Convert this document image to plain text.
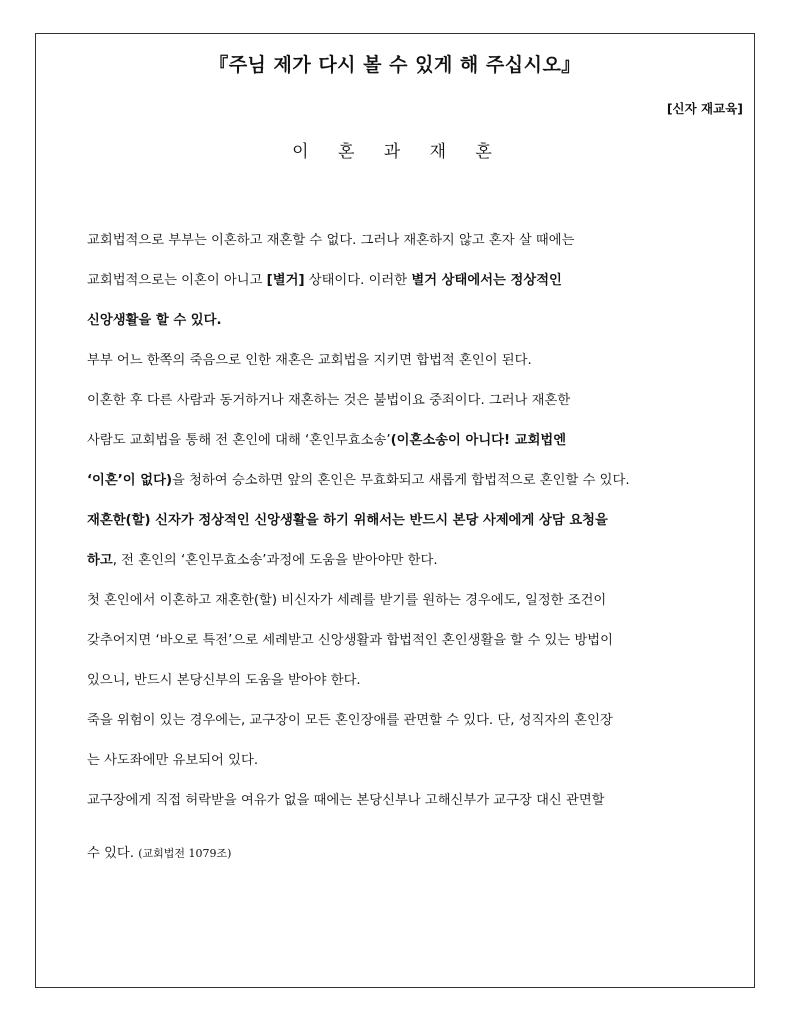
『주님 제가 다시 볼 수 있게 해 주십시오』
[신자 재교육]
이 혼 과 재 혼
교회법적으로 부부는 이혼하고 재혼할 수 없다. 그러나 재혼하지 않고 혼자 살 때에는
교회법적으로는 이혼이 아니고 [별거] 상태이다. 이러한 별거 상태에서는 정상적인
신앙생활을 할 수 있다.
부부 어느 한쪽의 죽음으로 인한 재혼은 교회법을 지키면 합법적 혼인이 된다.
이혼한 후 다른 사람과 동거하거나 재혼하는 것은 불법이요 중죄이다. 그러나 재혼한
사람도 교회법을 통해 전 혼인에 대해 ‘혼인무효소송’(이혼소송이 아니다! 교회법엔
‘이혼’이 없다)을 청하여 승소하면 앞의 혼인은 무효화되고 새롭게 합법적으로 혼인할 수 있다.
재혼한(할) 신자가 정상적인 신앙생활을 하기 위해서는 반드시 본당 사제에게 상담 요청을
하고, 전 혼인의 ‘혼인무효소송’과정에 도움을 받아야만 한다.
첫 혼인에서 이혼하고 재혼한(할) 비신자가 세례를 받기를 원하는 경우에도, 일정한 조건이
갖추어지면 ‘바오로 특전’으로 세례받고 신앙생활과 합법적인 혼인생활을 할 수 있는 방법이
있으니, 반드시 본당신부의 도움을 받아야 한다.
죽을 위험이 있는 경우에는, 교구장이 모든 혼인장애를 관면할 수 있다. 단, 성직자의 혼인장
는 사도좌에만 유보되어 있다.
교구장에게 직접 허락받을 여유가 없을 때에는 본당신부나 고해신부가 교구장 대신 관면할
수 있다. (교회법전 1079조)
